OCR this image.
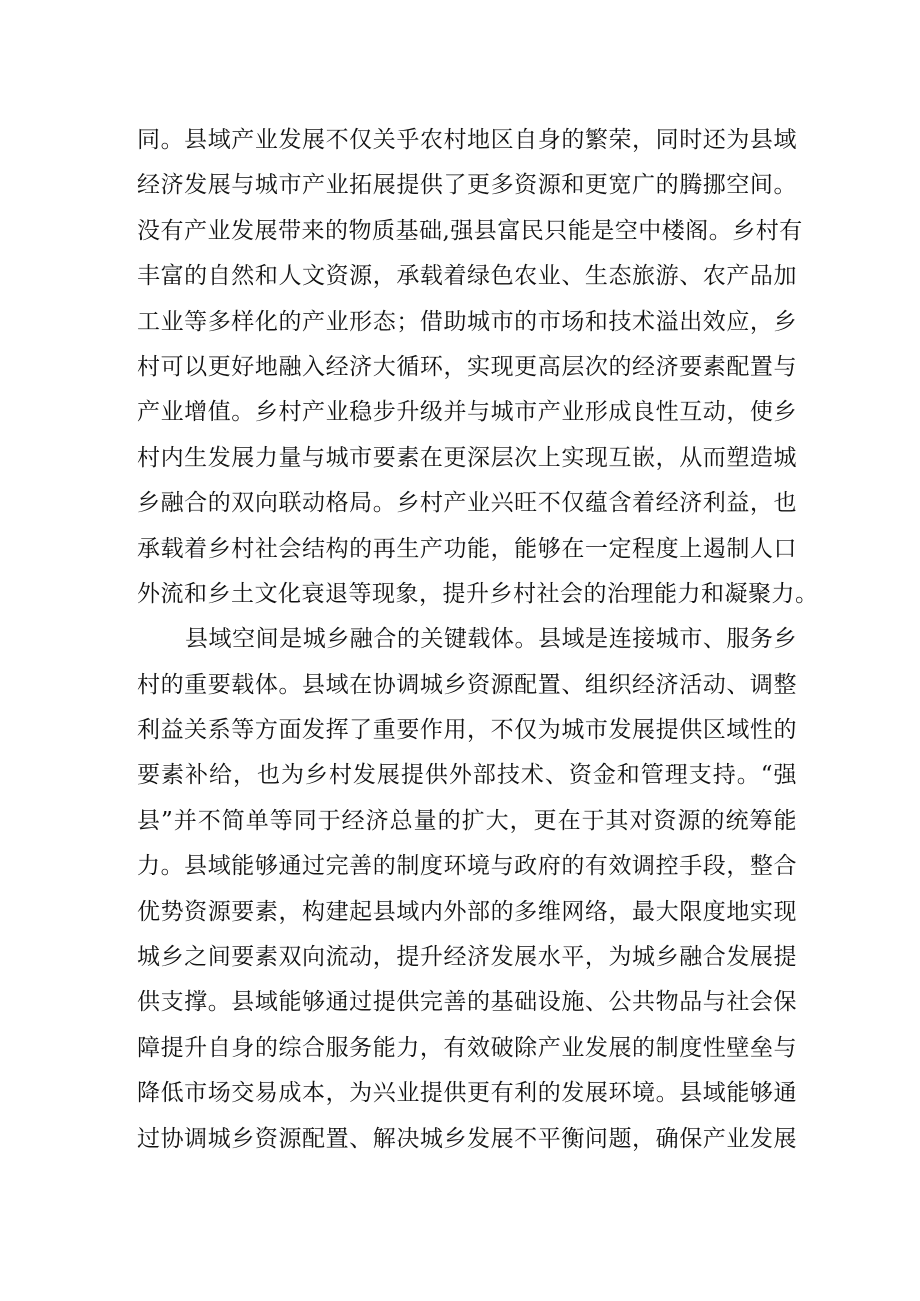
同。县域产业发展不仅关乎农村地区自身的繁荣，同时还为县域
经济发展与城市产业拓展提供了更多资源和更宽广的腾挪空间。
没有产业发展带来的物质基础,强县富民只能是空中楼阁。乡村有
丰富的自然和人文资源，承载着绿色农业、生态旅游、农产品加
工业等多样化的产业形态；借助城市的市场和技术溢出效应，乡
村可以更好地融入经济大循环，实现更高层次的经济要素配置与
产业增值。乡村产业稳步升级并与城市产业形成良性互动，使乡
村内生发展力量与城市要素在更深层次上实现互嵌，从而塑造城
乡融合的双向联动格局。乡村产业兴旺不仅蕴含着经济利益，也
承载着乡村社会结构的再生产功能，能够在一定程度上遏制人口
外流和乡土文化衰退等现象，提升乡村社会的治理能力和凝聚力。
县域空间是城乡融合的关键载体。县域是连接城市、服务乡
村的重要载体。县域在协调城乡资源配置、组织经济活动、调整
利益关系等方面发挥了重要作用，不仅为城市发展提供区域性的
要素补给，也为乡村发展提供外部技术、资金和管理支持。“强
县”并不简单等同于经济总量的扩大，更在于其对资源的统筹能
力。县域能够通过完善的制度环境与政府的有效调控手段，整合
优势资源要素，构建起县域内外部的多维网络，最大限度地实现
城乡之间要素双向流动，提升经济发展水平，为城乡融合发展提
供支撑。县域能够通过提供完善的基础设施、公共物品与社会保
障提升自身的综合服务能力，有效破除产业发展的制度性壁垒与
降低市场交易成本，为兴业提供更有利的发展环境。县域能够通
过协调城乡资源配置、解决城乡发展不平衡问题，确保产业发展
